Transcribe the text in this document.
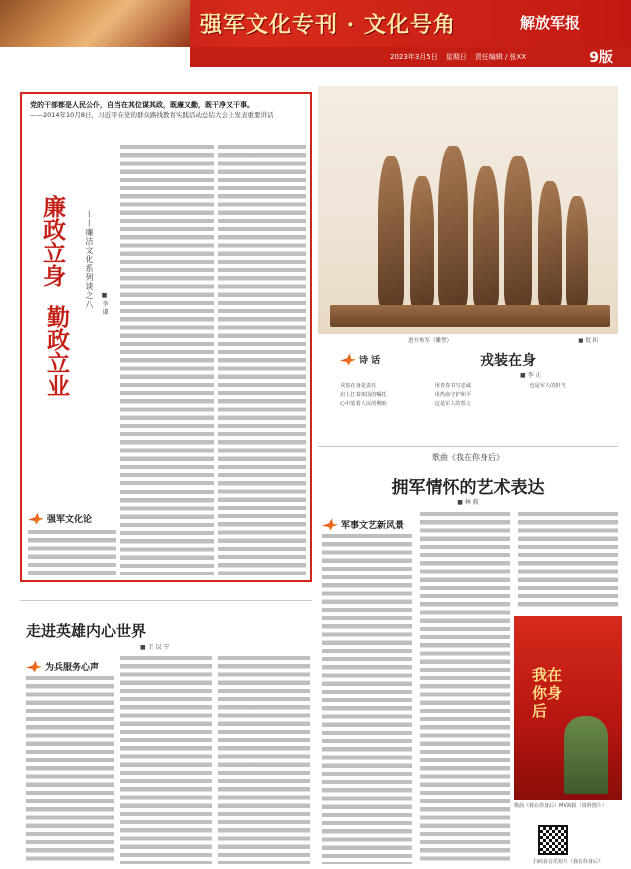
强军文化专刊 · 文化号角	解放军报
2023年3月5日 星期日 责任编辑 / 张XX	9版
党的干部都是人民公仆，自当在其位谋其政，既廉又勤，既干净又干事。
——2014年10月8日，习近平在党的群众路线教育实践活动总结大会上发表重要讲话
廉政立身
勤政立业
——廉洁文化系列谈之八 ■ 李 谦
强军文化论
进开参军（雕塑）	■ 倪 拓
诗 话	戎装在身
■ 李 正
戎装在身是责任
肩上扛着祖国的嘱托
心中装着人民的期盼
用青春书写忠诚
用热血守护和平
这是军人的誓言
也是军人的担当
歌曲《我在你身后》
拥军情怀的艺术表达
■ 林 筱
军事文艺新风景
走进英雄内心世界
■ 王 以 宁
为兵服务心声	我在
你身
后
歌曲《我在你身后》MV海报（资料图片）
扫码看音乐短片《我在你身后》
